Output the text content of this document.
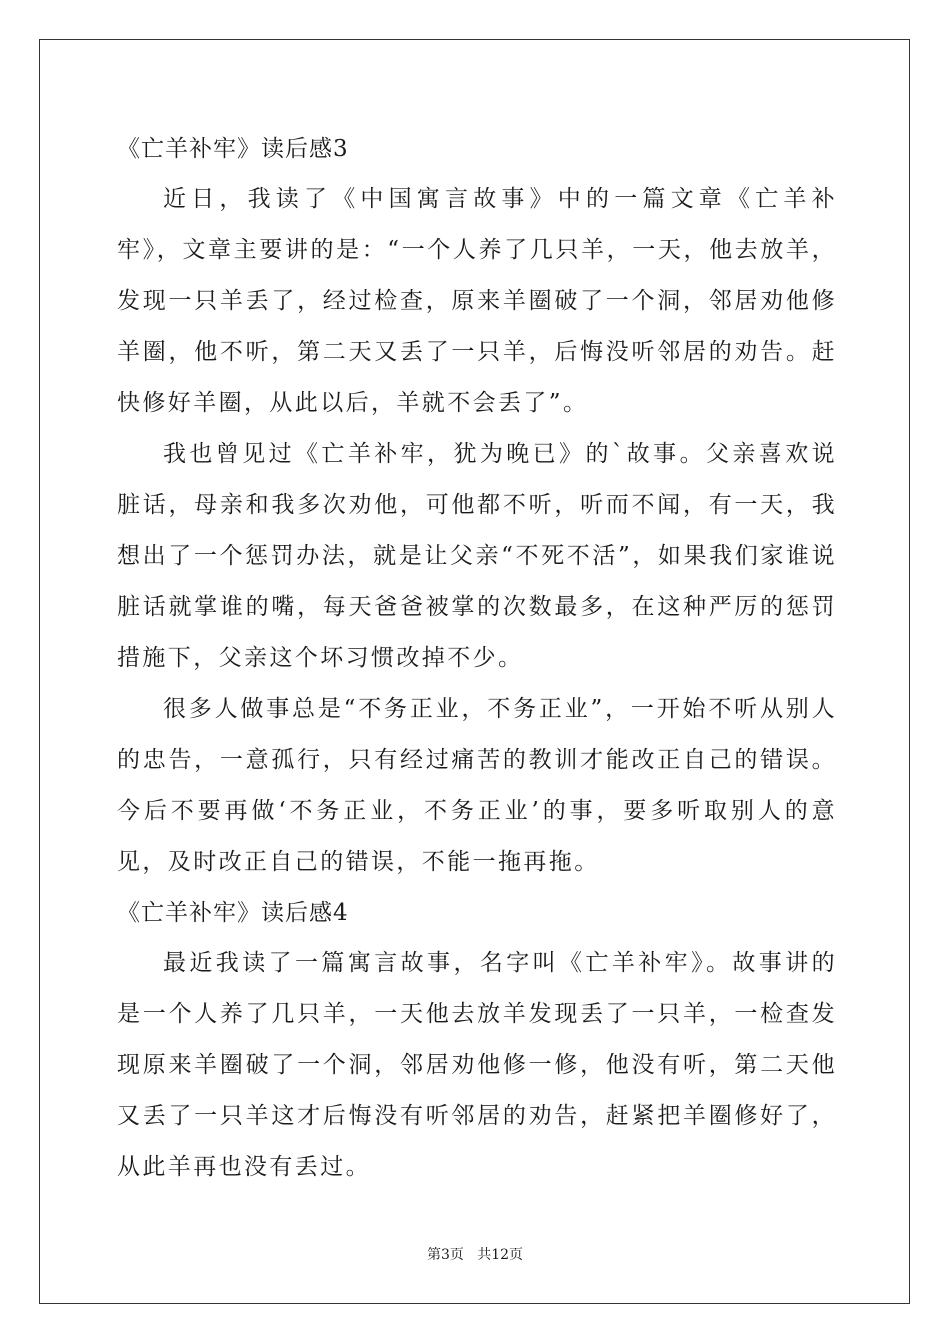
《亡羊补牢》读后感3

近日，我读了《中国寓言故事》中的一篇文章《亡羊补牢》，文章主要讲的是：“一个人养了几只羊，一天，他去放羊，发现一只羊丢了，经过检查，原来羊圈破了一个洞，邻居劝他修羊圈，他不听，第二天又丢了一只羊，后悔没听邻居的劝告。赶快修好羊圈，从此以后，羊就不会丢了”。

我也曾见过《亡羊补牢，犹为晚已》的`故事。父亲喜欢说脏话，母亲和我多次劝他，可他都不听，听而不闻，有一天，我想出了一个惩罚办法，就是让父亲“不死不活”，如果我们家谁说脏话就掌谁的嘴，每天爸爸被掌的次数最多，在这种严厉的惩罚措施下，父亲这个坏习惯改掉不少。

很多人做事总是“不务正业，不务正业”，一开始不听从别人的忠告，一意孤行，只有经过痛苦的教训才能改正自己的错误。今后不要再做‘不务正业，不务正业’的事，要多听取别人的意见，及时改正自己的错误，不能一拖再拖。

《亡羊补牢》读后感4

最近我读了一篇寓言故事，名字叫《亡羊补牢》。故事讲的是一个人养了几只羊，一天他去放羊发现丢了一只羊，一检查发现原来羊圈破了一个洞，邻居劝他修一修，他没有听，第二天他又丢了一只羊这才后悔没有听邻居的劝告，赶紧把羊圈修好了，从此羊再也没有丢过。

第3页   共12页
